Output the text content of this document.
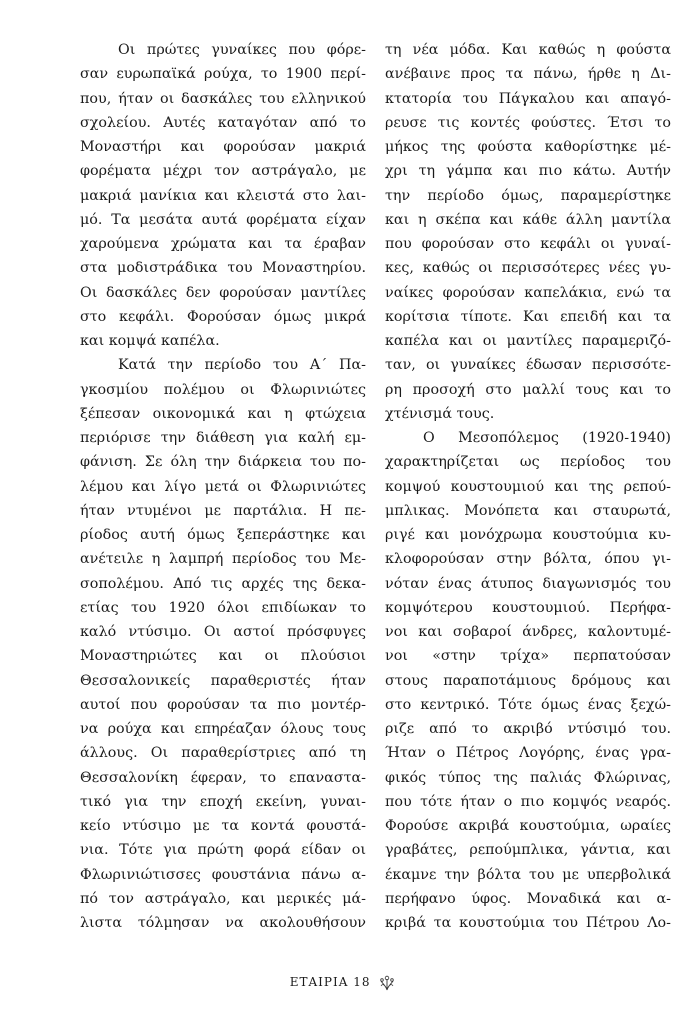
Οι πρώτες γυναίκες που φόρε-
σαν ευρωπαϊκά ρούχα, το 1900 περί-
που, ήταν οι δασκάλες του ελληνικού
σχολείου. Αυτές καταγόταν από το
Μοναστήρι και φορούσαν μακριά
φορέματα μέχρι τον αστράγαλο, με
μακριά μανίκια και κλειστά στο λαι-
μό. Τα μεσάτα αυτά φορέματα είχαν
χαρούμενα χρώματα και τα έραβαν
στα μοδιστράδικα του Μοναστηρίου.
Οι δασκάλες δεν φορούσαν μαντίλες
στο κεφάλι. Φορούσαν όμως μικρά
και κομψά καπέλα.
Κατά την περίοδο του Α΄ Πα-
γκοσμίου πολέμου οι Φλωρινιώτες
ξέπεσαν οικονομικά και η φτώχεια
περιόρισε την διάθεση για καλή εμ-
φάνιση. Σε όλη την διάρκεια του πο-
λέμου και λίγο μετά οι Φλωρινιώτες
ήταν ντυμένοι με παρτάλια. Η πε-
ρίοδος αυτή όμως ξεπεράστηκε και
ανέτειλε η λαμπρή περίοδος του Με-
σοπολέμου. Από τις αρχές της δεκα-
ετίας του 1920 όλοι επιδίωκαν το
καλό ντύσιμο. Οι αστοί πρόσφυγες
Μοναστηριώτες και οι πλούσιοι
Θεσσαλονικείς παραθεριστές ήταν
αυτοί που φορούσαν τα πιο μοντέρ-
να ρούχα και επηρέαζαν όλους τους
άλλους. Οι παραθερίστριες από τη
Θεσσαλονίκη έφεραν, το επαναστα-
τικό για την εποχή εκείνη, γυναι-
κείο ντύσιμο με τα κοντά φουστά-
νια. Τότε για πρώτη φορά είδαν οι
Φλωρινιώτισσες φουστάνια πάνω α-
πό τον αστράγαλο, και μερικές μά-
λιστα τόλμησαν να ακολουθήσουν
τη νέα μόδα. Και καθώς η φούστα
ανέβαινε προς τα πάνω, ήρθε η Δι-
κτατορία του Πάγκαλου και απαγό-
ρευσε τις κοντές φούστες. Έτσι το
μήκος της φούστα καθορίστηκε μέ-
χρι τη γάμπα και πιο κάτω. Αυτήν
την περίοδο όμως, παραμερίστηκε
και η σκέπα και κάθε άλλη μαντίλα
που φορούσαν στο κεφάλι οι γυναί-
κες, καθώς οι περισσότερες νέες γυ-
ναίκες φορούσαν καπελάκια, ενώ τα
κορίτσια τίποτε. Και επειδή και τα
καπέλα και οι μαντίλες παραμεριζό-
ταν, οι γυναίκες έδωσαν περισσότε-
ρη προσοχή στο μαλλί τους και το
χτένισμά τους.
Ο Μεσοπόλεμος (1920-1940)
χαρακτηρίζεται ως περίοδος του
κομψού κουστουμιού και της ρεπού-
μπλικας. Μονόπετα και σταυρωτά,
ριγέ και μονόχρωμα κουστούμια κυ-
κλοφορούσαν στην βόλτα, όπου γι-
νόταν ένας άτυπος διαγωνισμός του
κομψότερου κουστουμιού. Περήφα-
νοι και σοβαροί άνδρες, καλοντυμέ-
νοι «στην τρίχα» περπατούσαν
στους παραποτάμιους δρόμους και
στο κεντρικό. Τότε όμως ένας ξεχώ-
ριζε από το ακριβό ντύσιμό του.
Ήταν ο Πέτρος Λογόρης, ένας γρα-
φικός τύπος της παλιάς Φλώρινας,
που τότε ήταν ο πιο κομψός νεαρός.
Φορούσε ακριβά κουστούμια, ωραίες
γραβάτες, ρεπούμπλικα, γάντια, και
έκαμνε την βόλτα του με υπερβολικά
περήφανο ύφος. Μοναδικά και α-
κριβά τα κουστούμια του Πέτρου Λο-
ΕΤΑΙΡΙΑ 18
